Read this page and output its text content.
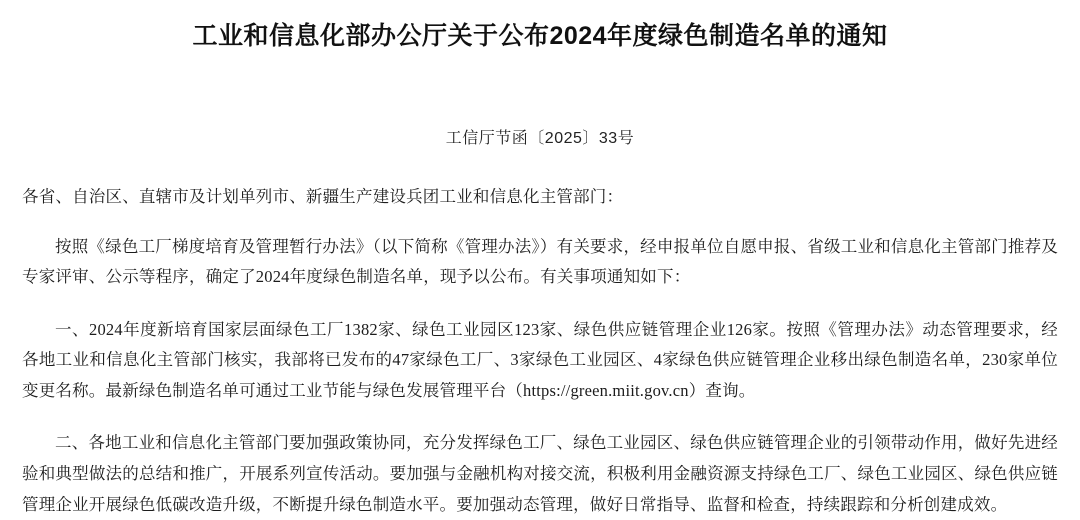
工业和信息化部办公厅关于公布2024年度绿色制造名单的通知

工信厅节函〔2025〕33号

各省、自治区、直辖市及计划单列市、新疆生产建设兵团工业和信息化主管部门：

按照《绿色工厂梯度培育及管理暂行办法》（以下简称《管理办法》）有关要求，经申报单位自愿申报、省级工业和信息化主管部门推荐及专家评审、公示等程序，确定了2024年度绿色制造名单，现予以公布。有关事项通知如下：

一、2024年度新培育国家层面绿色工厂1382家、绿色工业园区123家、绿色供应链管理企业126家。按照《管理办法》动态管理要求，经各地工业和信息化主管部门核实，我部将已发布的47家绿色工厂、3家绿色工业园区、4家绿色供应链管理企业移出绿色制造名单，230家单位变更名称。最新绿色制造名单可通过工业节能与绿色发展管理平台（https://green.miit.gov.cn）查询。

二、各地工业和信息化主管部门要加强政策协同，充分发挥绿色工厂、绿色工业园区、绿色供应链管理企业的引领带动作用，做好先进经验和典型做法的总结和推广，开展系列宣传活动。要加强与金融机构对接交流，积极利用金融资源支持绿色工厂、绿色工业园区、绿色供应链管理企业开展绿色低碳改造升级，不断提升绿色制造水平。要加强动态管理，做好日常指导、监督和检查，持续跟踪和分析创建成效。
